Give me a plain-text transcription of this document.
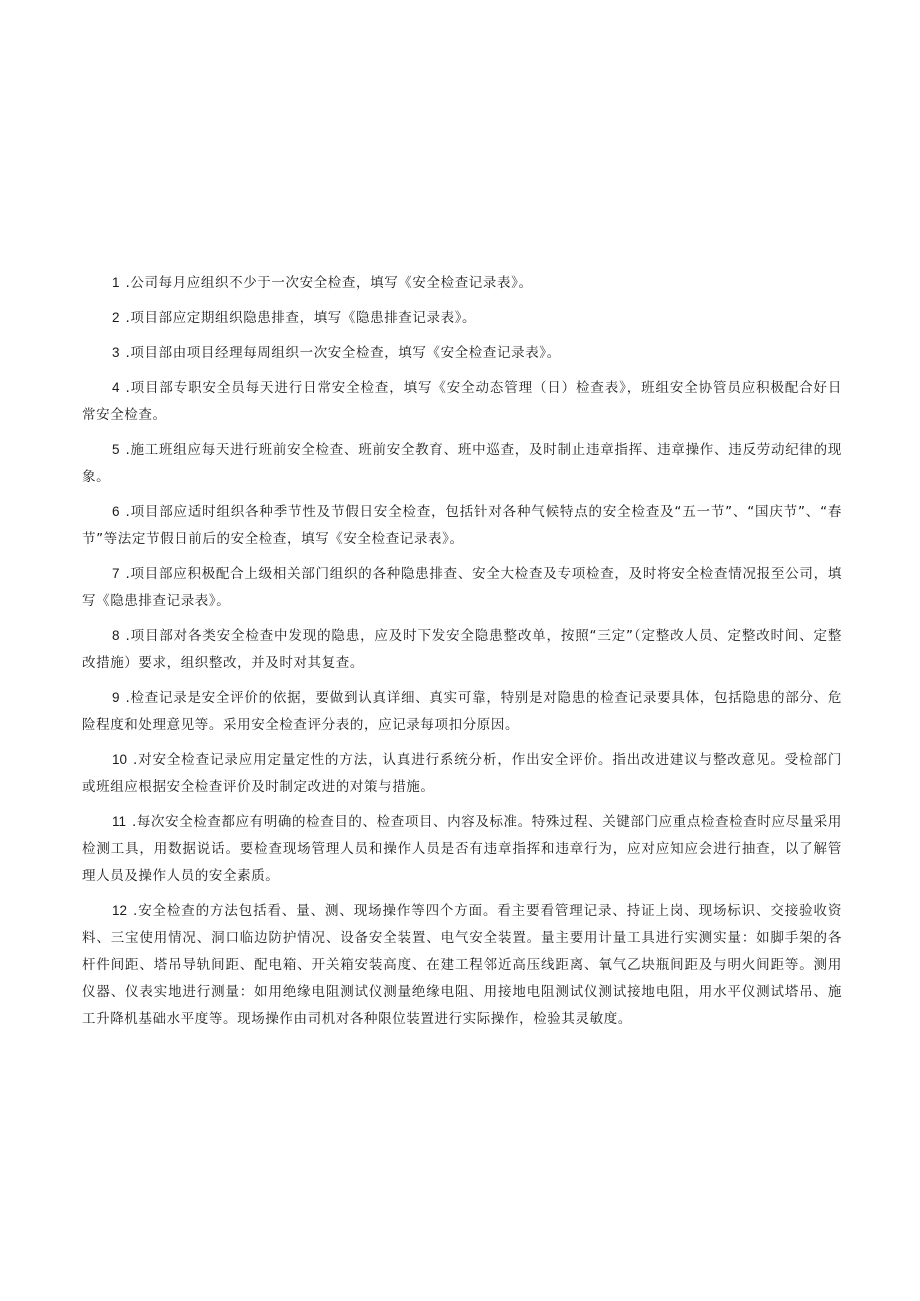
1 .公司每月应组织不少于一次安全检查，填写《安全检查记录表》。

2 .项目部应定期组织隐患排查，填写《隐患排查记录表》。

3 .项目部由项目经理每周组织一次安全检查，填写《安全检查记录表》。

4 .项目部专职安全员每天进行日常安全检查，填写《安全动态管理（日）检查表》，班组安全协管员应积极配合好日常安全检查。

5 .施工班组应每天进行班前安全检查、班前安全教育、班中巡查，及时制止违章指挥、违章操作、违反劳动纪律的现象。

6 .项目部应适时组织各种季节性及节假日安全检查，包括针对各种气候特点的安全检查及“五一节”、“国庆节”、“春节”等法定节假日前后的安全检查，填写《安全检查记录表》。

7 .项目部应积极配合上级相关部门组织的各种隐患排查、安全大检查及专项检查，及时将安全检查情况报至公司，填写《隐患排查记录表》。

8 .项目部对各类安全检查中发现的隐患，应及时下发安全隐患整改单，按照“三定”（定整改人员、定整改时间、定整改措施）要求，组织整改，并及时对其复查。

9 .检查记录是安全评价的依据，要做到认真详细、真实可靠，特别是对隐患的检查记录要具体，包括隐患的部分、危险程度和处理意见等。采用安全检查评分表的，应记录每项扣分原因。

10 .对安全检查记录应用定量定性的方法，认真进行系统分析，作出安全评价。指出改进建议与整改意见。受检部门或班组应根据安全检查评价及时制定改进的对策与措施。

11 .每次安全检查都应有明确的检查目的、检查项目、内容及标准。特殊过程、关键部门应重点检查检查时应尽量采用检测工具，用数据说话。要检查现场管理人员和操作人员是否有违章指挥和违章行为，应对应知应会进行抽查，以了解管理人员及操作人员的安全素质。

12 .安全检查的方法包括看、量、测、现场操作等四个方面。看主要看管理记录、持证上岗、现场标识、交接验收资料、三宝使用情况、洞口临边防护情况、设备安全装置、电气安全装置。量主要用计量工具进行实测实量：如脚手架的各杆件间距、塔吊导轨间距、配电箱、开关箱安装高度、在建工程邻近高压线距离、氧气乙块瓶间距及与明火间距等。测用仪器、仪表实地进行测量：如用绝缘电阻测试仪测量绝缘电阻、用接地电阻测试仪测试接地电阻，用水平仪测试塔吊、施工升降机基础水平度等。现场操作由司机对各种限位装置进行实际操作，检验其灵敏度。
